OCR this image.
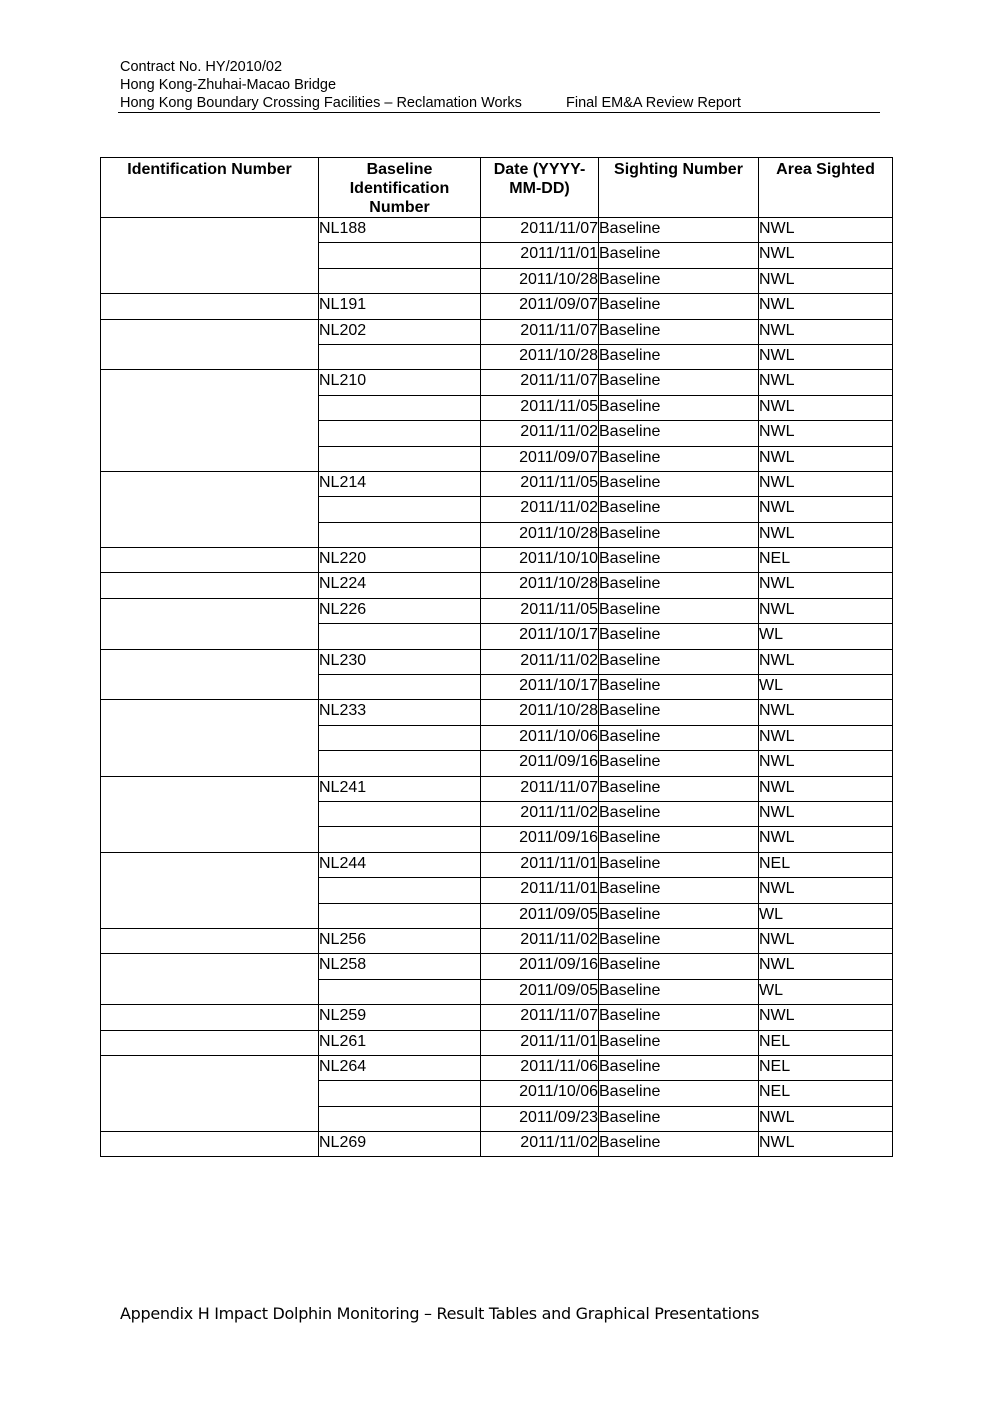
Contract No. HY/2010/02
Hong Kong-Zhuhai-Macao Bridge
Hong Kong Boundary Crossing Facilities – Reclamation Works	Final EM&A Review Report
Identification Number	Baseline Identification Number	Date (YYYY-MM-DD)	Sighting Number	Area Sighted
	NL188	2011/11/07	Baseline	NWL
		2011/11/01	Baseline	NWL
		2011/10/28	Baseline	NWL
	NL191	2011/09/07	Baseline	NWL
	NL202	2011/11/07	Baseline	NWL
		2011/10/28	Baseline	NWL
	NL210	2011/11/07	Baseline	NWL
		2011/11/05	Baseline	NWL
		2011/11/02	Baseline	NWL
		2011/09/07	Baseline	NWL
	NL214	2011/11/05	Baseline	NWL
		2011/11/02	Baseline	NWL
		2011/10/28	Baseline	NWL
	NL220	2011/10/10	Baseline	NEL
	NL224	2011/10/28	Baseline	NWL
	NL226	2011/11/05	Baseline	NWL
		2011/10/17	Baseline	WL
	NL230	2011/11/02	Baseline	NWL
		2011/10/17	Baseline	WL
	NL233	2011/10/28	Baseline	NWL
		2011/10/06	Baseline	NWL
		2011/09/16	Baseline	NWL
	NL241	2011/11/07	Baseline	NWL
		2011/11/02	Baseline	NWL
		2011/09/16	Baseline	NWL
	NL244	2011/11/01	Baseline	NEL
		2011/11/01	Baseline	NWL
		2011/09/05	Baseline	WL
	NL256	2011/11/02	Baseline	NWL
	NL258	2011/09/16	Baseline	NWL
		2011/09/05	Baseline	WL
	NL259	2011/11/07	Baseline	NWL
	NL261	2011/11/01	Baseline	NEL
	NL264	2011/11/06	Baseline	NEL
		2011/10/06	Baseline	NEL
		2011/09/23	Baseline	NWL
	NL269	2011/11/02	Baseline	NWL
Appendix H Impact Dolphin Monitoring – Result Tables and Graphical Presentations
